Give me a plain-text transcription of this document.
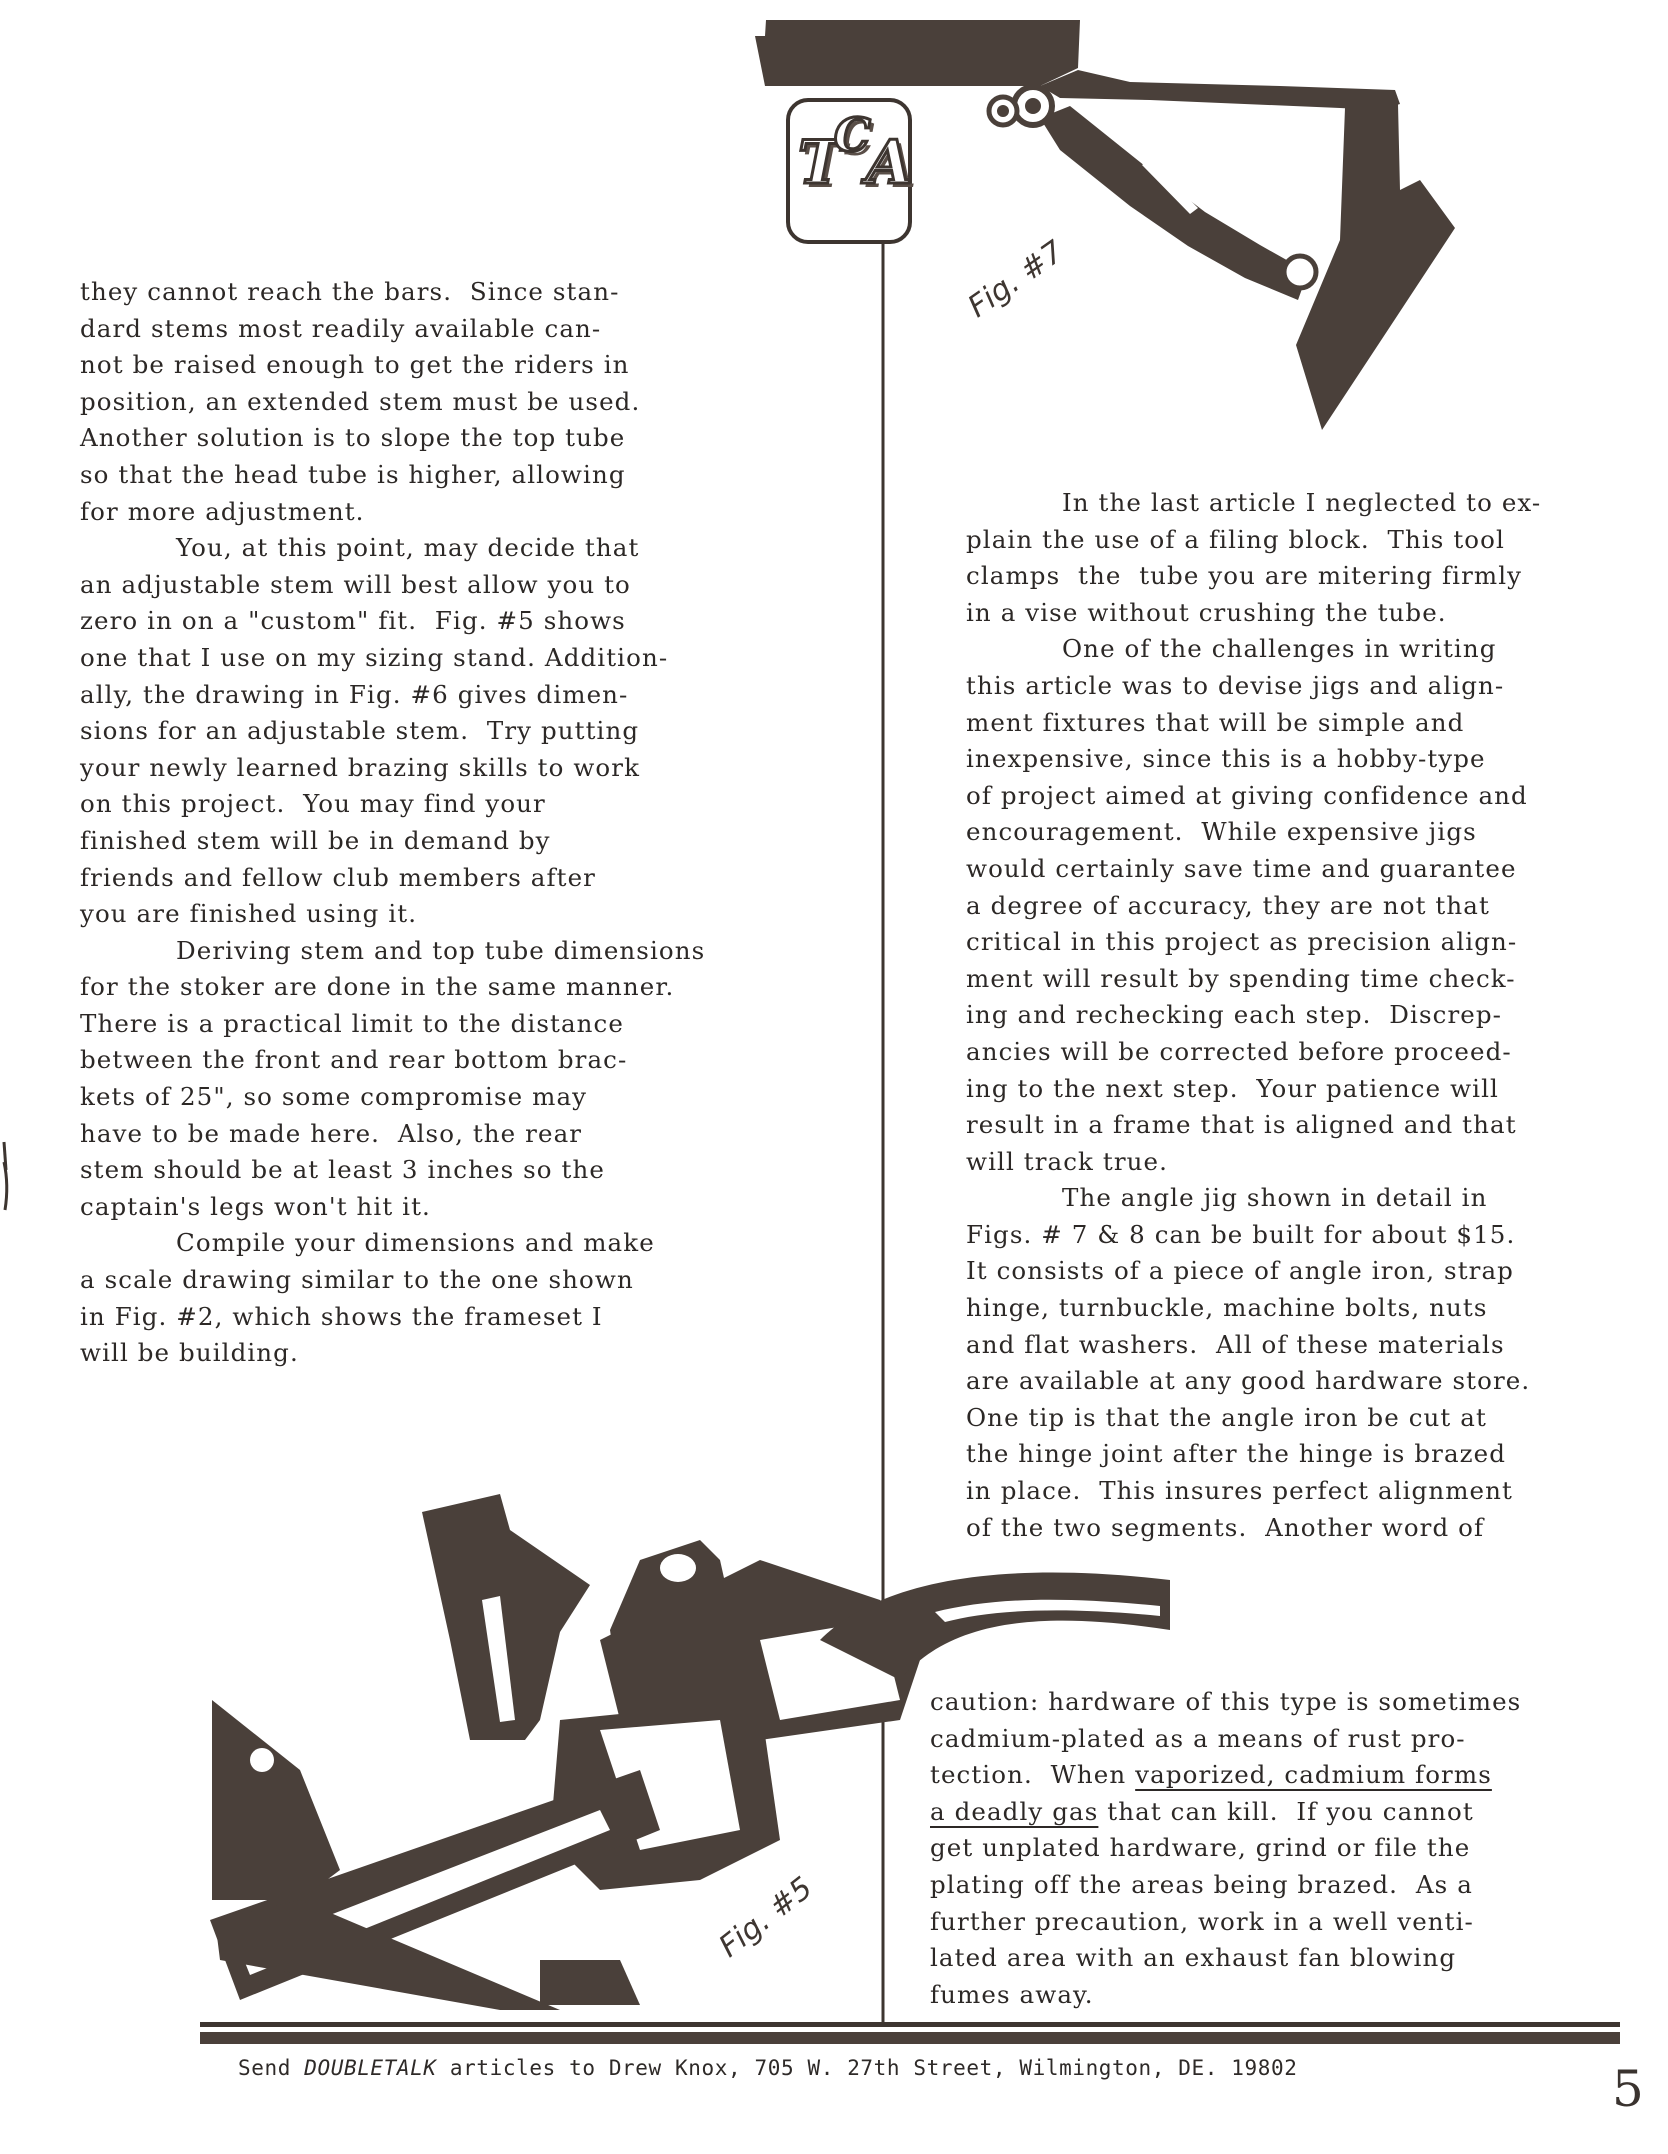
T
C
A
Fig. #7
Fig. #5
they cannot reach the bars.  Since stan-
dard stems most readily available can-
not be raised enough to get the riders in
position, an extended stem must be used.
Another solution is to slope the top tube
so that the head tube is higher, allowing
for more adjustment.
You, at this point, may decide that
an adjustable stem will best allow you to
zero in on a "custom" fit.  Fig. #5 shows
one that I use on my sizing stand. Addition-
ally, the drawing in Fig. #6 gives dimen-
sions for an adjustable stem.  Try putting
your newly learned brazing skills to work
on this project.  You may find your
finished stem will be in demand by
friends and fellow club members after
you are finished using it.
Deriving stem and top tube dimensions
for the stoker are done in the same manner.
There is a practical limit to the distance
between the front and rear bottom brac-
kets of 25", so some compromise may
have to be made here.  Also, the rear
stem should be at least 3 inches so the
captain's legs won't hit it.
Compile your dimensions and make
a scale drawing similar to the one shown
in Fig. #2, which shows the frameset I
will be building.
In the last article I neglected to ex-
plain the use of a filing block.  This tool
clamps  the  tube you are mitering firmly
in a vise without crushing the tube.
One of the challenges in writing
this article was to devise jigs and align-
ment fixtures that will be simple and
inexpensive, since this is a hobby-type
of project aimed at giving confidence and
encouragement.  While expensive jigs
would certainly save time and guarantee
a degree of accuracy, they are not that
critical in this project as precision align-
ment will result by spending time check-
ing and rechecking each step.  Discrep-
ancies will be corrected before proceed-
ing to the next step.  Your patience will
result in a frame that is aligned and that
will track true.
The angle jig shown in detail in
Figs. # 7 & 8 can be built for about $15.
It consists of a piece of angle iron, strap
hinge, turnbuckle, machine bolts, nuts
and flat washers.  All of these materials
are available at any good hardware store.
One tip is that the angle iron be cut at
the hinge joint after the hinge is brazed
in place.  This insures perfect alignment
of the two segments.  Another word of
caution: hardware of this type is sometimes
cadmium-plated as a means of rust pro-
tection.  When vaporized, cadmium forms
a deadly gas that can kill.  If you cannot
get unplated hardware, grind or file the
plating off the areas being brazed.  As a
further precaution, work in a well venti-
lated area with an exhaust fan blowing
fumes away.
Send DOUBLETALK articles to Drew Knox, 705 W. 27th Street, Wilmington, DE. 19802	5
